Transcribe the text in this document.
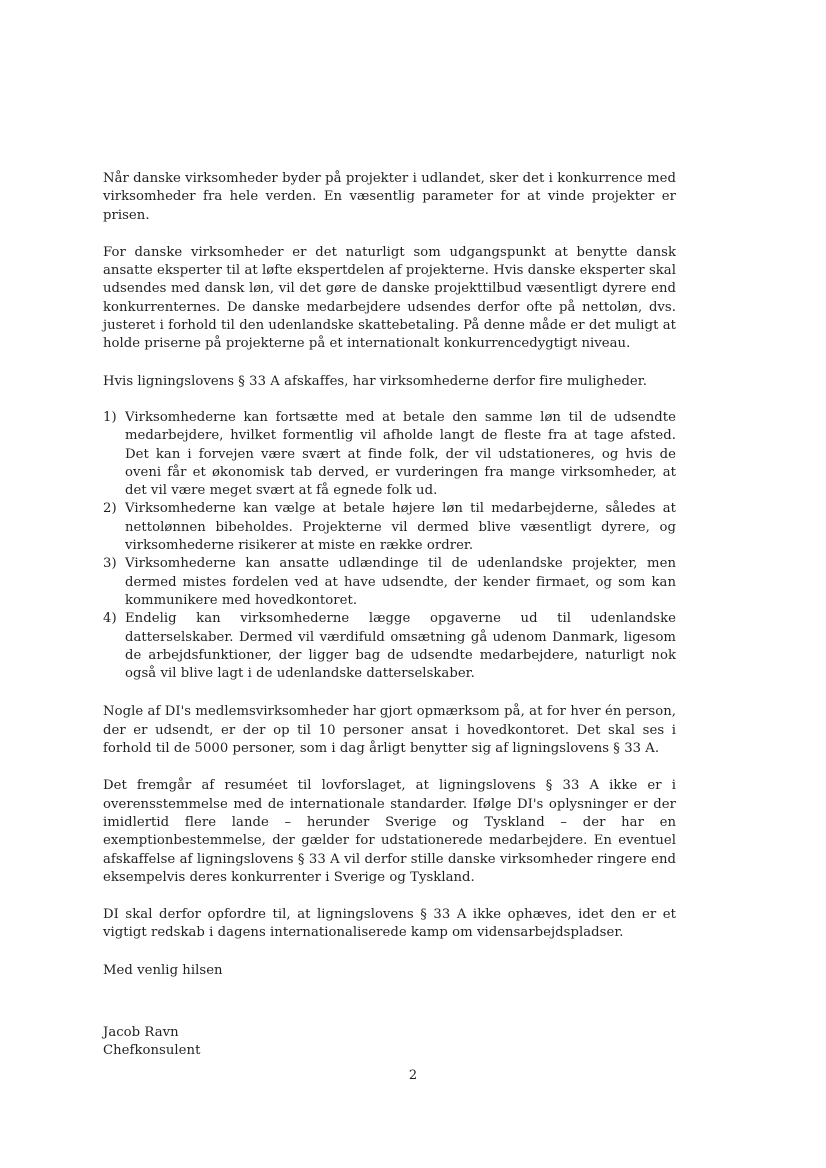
Når danske virksomheder byder på projekter i udlandet, sker det i konkurrence med virksomheder fra hele verden. En væsentlig parameter for at vinde projekter er prisen.

For danske virksomheder er det naturligt som udgangspunkt at benytte dansk ansatte eksperter til at løfte ekspertdelen af projekterne. Hvis danske eksperter skal udsendes med dansk løn, vil det gøre de danske projekttilbud væsentligt dyrere end konkurrenternes. De danske medarbejdere udsendes derfor ofte på nettoløn, dvs. justeret i forhold til den udenlandske skattebetaling. På denne måde er det muligt at holde priserne på projekterne på et internationalt konkurrencedygtigt niveau.

Hvis ligningslovens § 33 A afskaffes, har virksomhederne derfor fire muligheder.

1) Virksomhederne kan fortsætte med at betale den samme løn til de udsendte medarbejdere, hvilket formentlig vil afholde langt de fleste fra at tage afsted. Det kan i forvejen være svært at finde folk, der vil udstationeres, og hvis de oveni får et økonomisk tab derved, er vurderingen fra mange virksomheder, at det vil være meget svært at få egnede folk ud.
2) Virksomhederne kan vælge at betale højere løn til medarbejderne, således at nettolønnen bibeholdes. Projekterne vil dermed blive væsentligt dyrere, og virksomhederne risikerer at miste en række ordrer.
3) Virksomhederne kan ansatte udlændinge til de udenlandske projekter, men dermed mistes fordelen ved at have udsendte, der kender firmaet, og som kan kommunikere med hovedkontoret.
4) Endelig kan virksomhederne lægge opgaverne ud til udenlandske datterselskaber. Dermed vil værdifuld omsætning gå udenom Danmark, ligesom de arbejdsfunktioner, der ligger bag de udsendte medarbejdere, naturligt nok også vil blive lagt i de udenlandske datterselskaber.

Nogle af DI's medlemsvirksomheder har gjort opmærksom på, at for hver én person, der er udsendt, er der op til 10 personer ansat i hovedkontoret. Det skal ses i forhold til de 5000 personer, som i dag årligt benytter sig af ligningslovens § 33 A.

Det fremgår af resuméet til lovforslaget, at ligningslovens § 33 A ikke er i overensstemmelse med de internationale standarder. Ifølge DI's oplysninger er der imidlertid flere lande – herunder Sverige og Tyskland – der har en exemptionbestemmelse, der gælder for udstationerede medarbejdere. En eventuel afskaffelse af ligningslovens § 33 A vil derfor stille danske virksomheder ringere end eksempelvis deres konkurrenter i Sverige og Tyskland.

DI skal derfor opfordre til, at ligningslovens § 33 A ikke ophæves, idet den er et vigtigt redskab i dagens internationaliserede kamp om vidensarbejdspladser.

Med venlig hilsen

Jacob Ravn

Chefkonsulent

2
